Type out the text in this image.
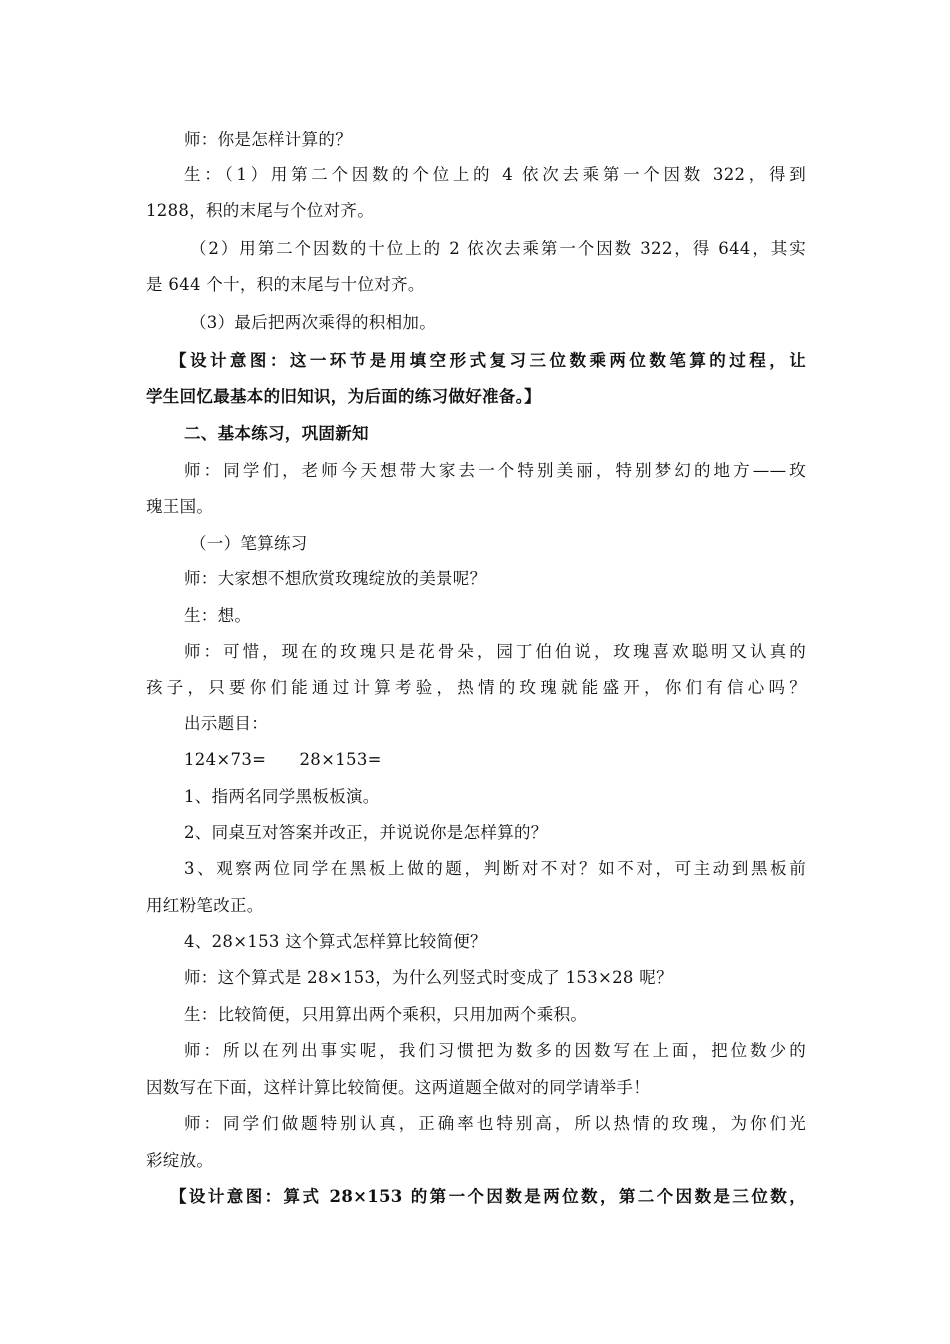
师：你是怎样计算的？
生：（1）用第二个因数的个位上的 4 依次去乘第一个因数 322，得到
1288，积的末尾与个位对齐。
（2）用第二个因数的十位上的 2 依次去乘第一个因数 322，得 644，其实
是 644 个十，积的末尾与十位对齐。
（3）最后把两次乘得的积相加。
【设计意图：这一环节是用填空形式复习三位数乘两位数笔算的过程，让
学生回忆最基本的旧知识，为后面的练习做好准备。】
二、基本练习，巩固新知
师：同学们，老师今天想带大家去一个特别美丽，特别梦幻的地方——玫
瑰王国。
（一）笔算练习
师：大家想不想欣赏玫瑰绽放的美景呢？
生：想。
师：可惜，现在的玫瑰只是花骨朵，园丁伯伯说，玫瑰喜欢聪明又认真的
孩子，只要你们能通过计算考验，热情的玫瑰就能盛开，你们有信心吗？
出示题目：
124×73=      28×153=
1、指两名同学黑板板演。
2、同桌互对答案并改正，并说说你是怎样算的？
3、观察两位同学在黑板上做的题，判断对不对？如不对，可主动到黑板前
用红粉笔改正。
4、28×153 这个算式怎样算比较简便？
师：这个算式是 28×153，为什么列竖式时变成了 153×28 呢？
生：比较简便，只用算出两个乘积，只用加两个乘积。
师：所以在列出事实呢，我们习惯把为数多的因数写在上面，把位数少的
因数写在下面，这样计算比较简便。这两道题全做对的同学请举手！
师：同学们做题特别认真，正确率也特别高，所以热情的玫瑰，为你们光
彩绽放。
【设计意图：算式 28×153 的第一个因数是两位数，第二个因数是三位数，
